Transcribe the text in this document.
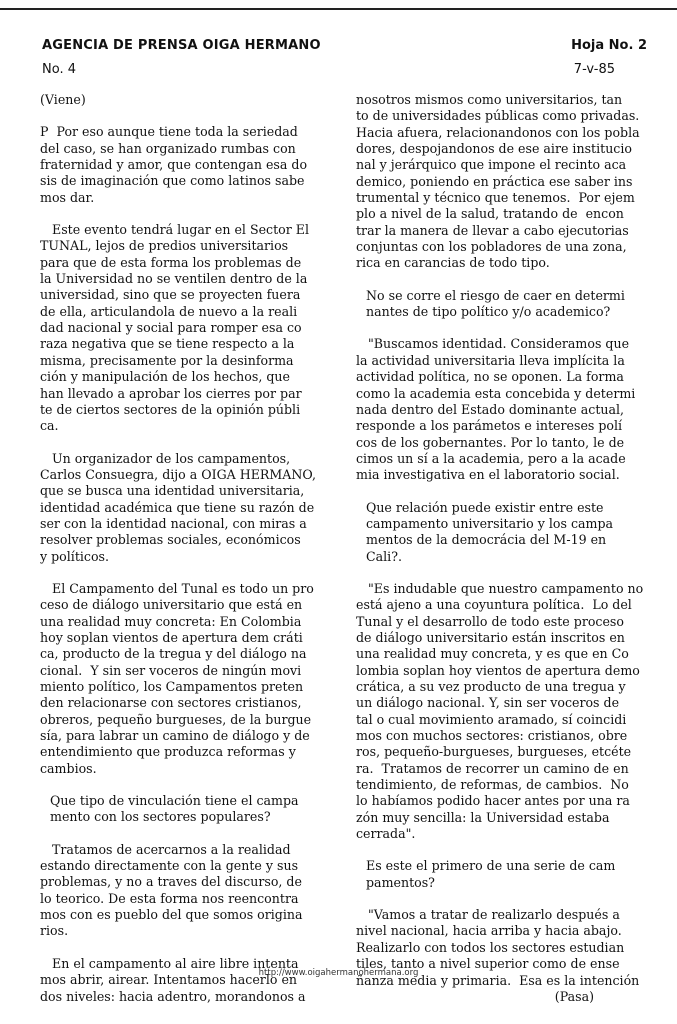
AGENCIA DE PRENSA OIGA HERMANO	Hoja No. 2
No. 4	7-v-85
(Viene)
P  Por eso aunque tiene toda la seriedad
del caso, se han organizado rumbas con
fraternidad y amor, que contengan esa do
sis de imaginación que como latinos sabe
mos dar.
Este evento tendrá lugar en el Sector El
TUNAL, lejos de predios universitarios
para que de esta forma los problemas de
la Universidad no se ventilen dentro de la
universidad, sino que se proyecten fuera
de ella, articulandola de nuevo a la reali
dad nacional y social para romper esa co
raza negativa que se tiene respecto a la
misma, precisamente por la desinforma
ción y manipulación de los hechos, que
han llevado a aprobar los cierres por par
te de ciertos sectores de la opinión públi
ca.
Un organizador de los campamentos,
Carlos Consuegra, dijo a OIGA HERMANO,
que se busca una identidad universitaria,
identidad académica que tiene su razón de
ser con la identidad nacional, con miras a
resolver problemas sociales, económicos
y políticos.
El Campamento del Tunal es todo un pro
ceso de diálogo universitario que está en
una realidad muy concreta: En Colombia
hoy soplan vientos de apertura dem cráti
ca, producto de la tregua y del diálogo na
cional.  Y sin ser voceros de ningún movi
miento político, los Campamentos preten
den relacionarse con sectores cristianos,
obreros, pequeño burgueses, de la burgue
sía, para labrar un camino de diálogo y de
entendimiento que produzca reformas y
cambios.
Que tipo de vinculación tiene el campa
mento con los sectores populares?
Tratamos de acercarnos a la realidad
estando directamente con la gente y sus
problemas, y no a traves del discurso, de
lo teorico. De esta forma nos reencontra
mos con es pueblo del que somos origina
rios.
En el campamento al aire libre intenta
mos abrir, airear. Intentamos hacerlo en
dos niveles: hacia adentro, morandonos a
nosotros mismos como universitarios, tan
to de universidades públicas como privadas.
Hacia afuera, relacionandonos con los pobla
dores, despojandonos de ese aire institucio
nal y jerárquico que impone el recinto aca
demico, poniendo en práctica ese saber ins
trumental y técnico que tenemos.  Por ejem
plo a nivel de la salud, tratando de  encon
trar la manera de llevar a cabo ejecutorias
conjuntas con los pobladores de una zona,
rica en carancias de todo tipo.
No se corre el riesgo de caer en determi
nantes de tipo político y/o academico?
"Buscamos identidad. Consideramos que
la actividad universitaria lleva implícita la
actividad política, no se oponen. La forma
como la academia esta concebida y determi
nada dentro del Estado dominante actual,
responde a los parámetos e intereses polí
cos de los gobernantes. Por lo tanto, le de
cimos un sí a la academia, pero a la acade
mia investigativa en el laboratorio social.
Que relación puede existir entre este
campamento universitario y los campa
mentos de la democrácia del M-19 en
Cali?.
"Es indudable que nuestro campamento no
está ajeno a una coyuntura política.  Lo del
Tunal y el desarrollo de todo este proceso
de diálogo universitario están inscritos en
una realidad muy concreta, y es que en Co
lombia soplan hoy vientos de apertura demo
crática, a su vez producto de una tregua y
un diálogo nacional. Y, sin ser voceros de
tal o cual movimiento aramado, sí coincidi
mos con muchos sectores: cristianos, obre
ros, pequeño-burgueses, burgueses, etcéte
ra.  Tratamos de recorrer un camino de en
tendimiento, de reformas, de cambios.  No
lo habíamos podido hacer antes por una ra
zón muy sencilla: la Universidad estaba
cerrada".
Es este el primero de una serie de cam
pamentos?
"Vamos a tratar de realizarlo después a
nivel nacional, hacia arriba y hacia abajo.
Realizarlo con todos los sectores estudian
tiles, tanto a nivel superior como de ense
ñanza media y primaria.  Esa es la intención
(Pasa)
http://www.oigahermanohermana.org
